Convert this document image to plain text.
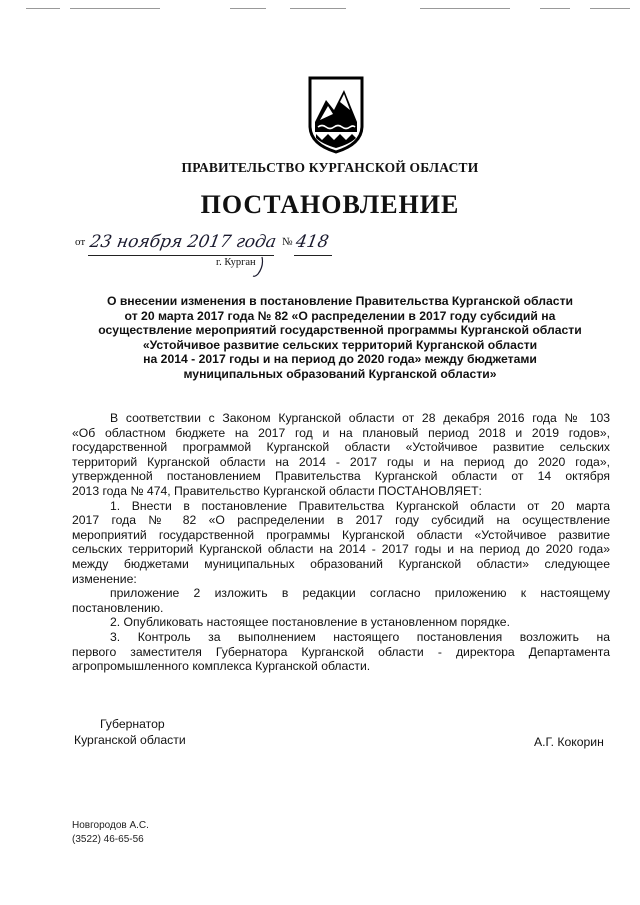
ПРАВИТЕЛЬСТВО КУРГАНСКОЙ ОБЛАСТИ
ПОСТАНОВЛЕНИЕ
от 23 ноября 2017 года № 418
г. Курган
О внесении изменения в постановление Правительства Курганской области
от 20 марта 2017 года № 82 «О распределении в 2017 году субсидий на
осуществление мероприятий государственной программы Курганской области
«Устойчивое развитие сельских территорий Курганской области
на 2014 - 2017 годы и на период до 2020 года» между бюджетами
муниципальных образований Курганской области»
В соответствии с Законом Курганской области от 28 декабря 2016 года № 103
«Об областном бюджете на 2017 год и на плановый период 2018 и 2019 годов»,
государственной программой Курганской области «Устойчивое развитие сельских
территорий Курганской области на 2014 - 2017 годы и на период до 2020 года»,
утвержденной постановлением Правительства Курганской области от 14 октября
2013 года № 474, Правительство Курганской области ПОСТАНОВЛЯЕТ:
1. Внести в постановление Правительства Курганской области от 20 марта
2017 года № 82 «О распределении в 2017 году субсидий на осуществление
мероприятий государственной программы Курганской области «Устойчивое развитие
сельских территорий Курганской области на 2014 - 2017 годы и на период до 2020 года»
между бюджетами муниципальных образований Курганской области» следующее
изменение:
приложение 2 изложить в редакции согласно приложению к настоящему
постановлению.
2. Опубликовать настоящее постановление в установленном порядке.
3. Контроль за выполнением настоящего постановления возложить на
первого заместителя Губернатора Курганской области - директора Департамента
агропромышленного комплекса Курганской области.
Губернатор
Курганской области	А.Г. Кокорин
Новгородов А.С.
(3522) 46-65-56
